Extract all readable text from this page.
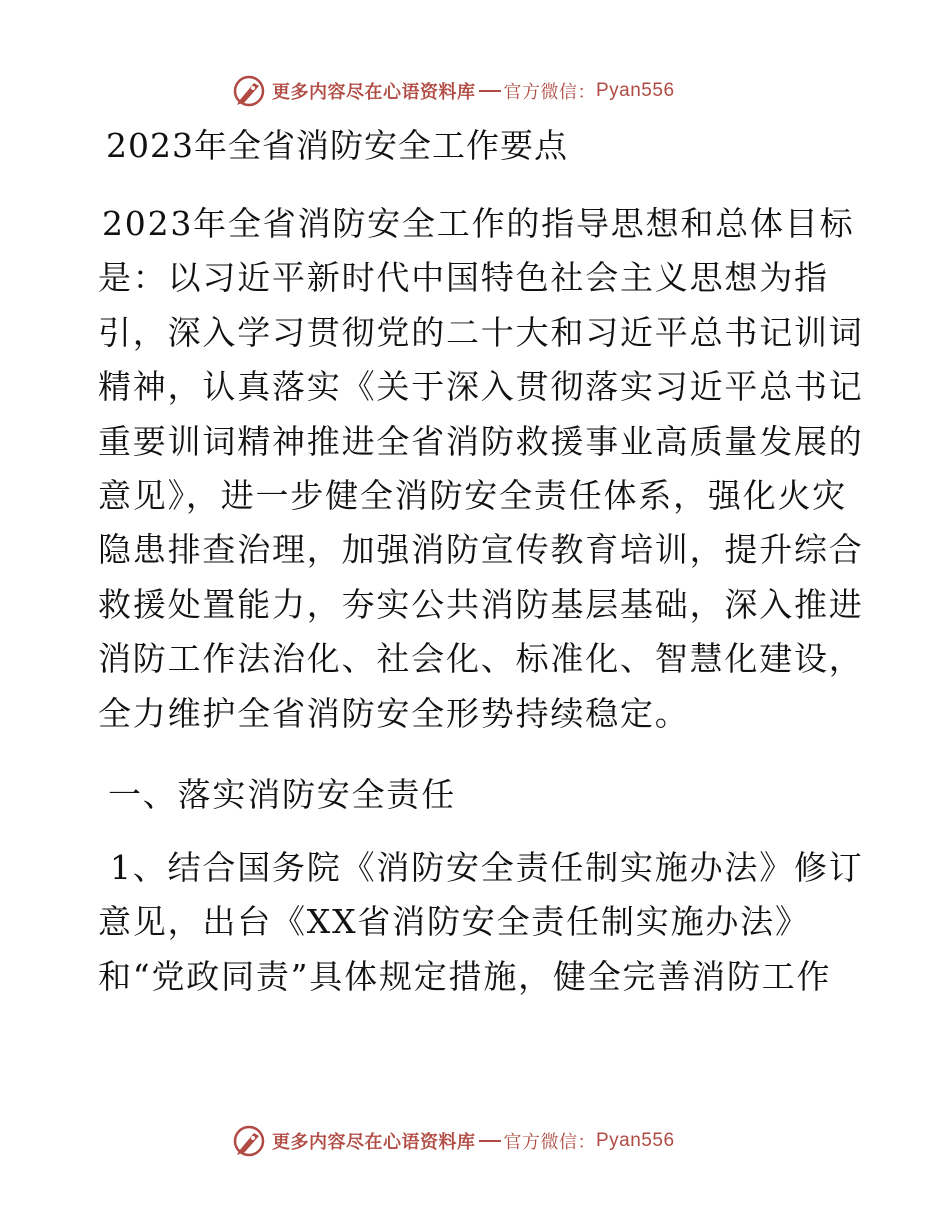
更多内容尽在心语资料库 官方微信： Pyan556
2023年全省消防安全工作要点

2023年全省消防安全工作的指导思想和总体目标
是：以习近平新时代中国特色社会主义思想为指
引，深入学习贯彻党的二十大和习近平总书记训词
精神，认真落实《关于深入贯彻落实习近平总书记
重要训词精神推进全省消防救援事业高质量发展的
意见》，进一步健全消防安全责任体系，强化火灾
隐患排查治理，加强消防宣传教育培训，提升综合
救援处置能力，夯实公共消防基层基础，深入推进
消防工作法治化、社会化、标准化、智慧化建设，
全力维护全省消防安全形势持续稳定。

一、落实消防安全责任

1、结合国务院《消防安全责任制实施办法》修订
意见，出台《XX省消防安全责任制实施办法》
和“党政同责”具体规定措施，健全完善消防工作

更多内容尽在心语资料库 官方微信： Pyan556
